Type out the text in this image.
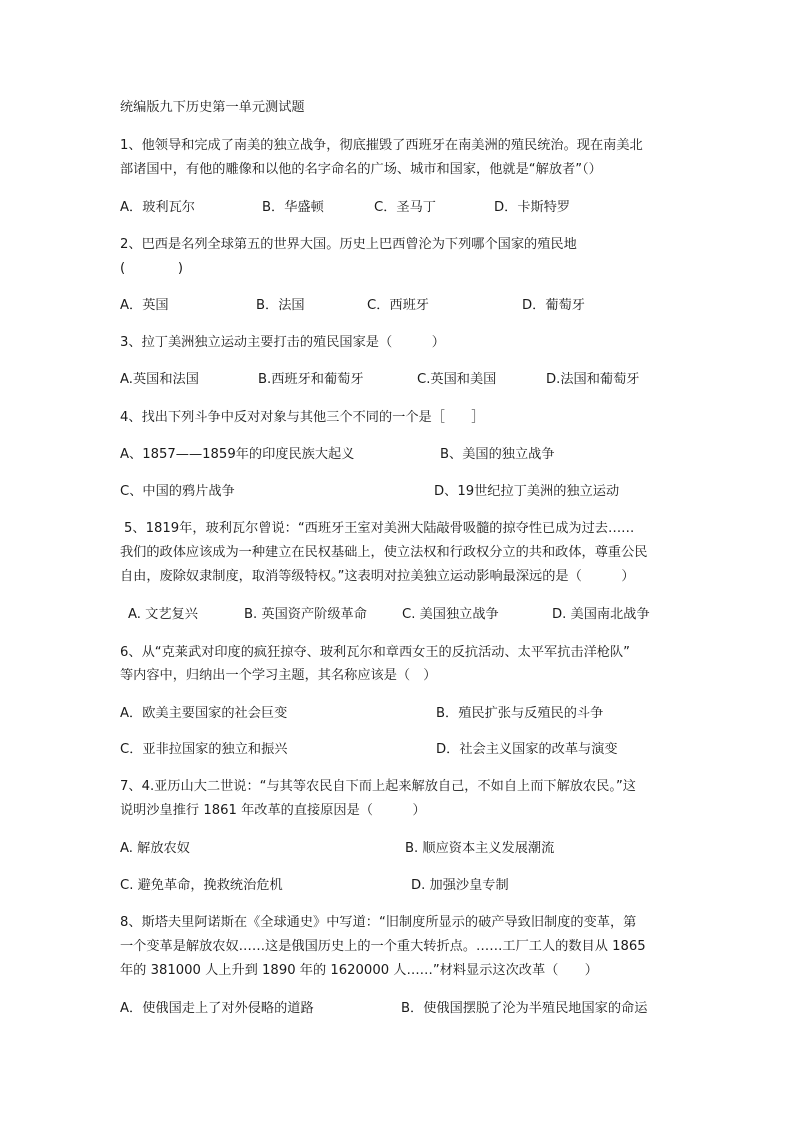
统编版九下历史第一单元测试题
1、他领导和完成了南美的独立战争，彻底摧毁了西班牙在南美洲的殖民统治。现在南美北
部诸国中，有他的雕像和以他的名字命名的广场、城市和国家，他就是“解放者”（）
A．玻利瓦尔	B．华盛顿	C．圣马丁	D．卡斯特罗
2、巴西是名列全球第五的世界大国。历史上巴西曾沦为下列哪个国家的殖民地
(　　　　)
A．英国	B．法国	C．西班牙	D．葡萄牙
3、拉丁美洲独立运动主要打击的殖民国家是（　　　）
A.英国和法国	B.西班牙和葡萄牙	C.英国和美国	D.法国和葡萄牙
4、找出下列斗争中反对对象与其他三个不同的一个是［　　］
A、1857——1859年的印度民族大起义	B、美国的独立战争
C、中国的鸦片战争	D、19世纪拉丁美洲的独立运动
5、1819年，玻利瓦尔曾说：“西班牙王室对美洲大陆敲骨吸髓的掠夺性已成为过去……
我们的政体应该成为一种建立在民权基础上，使立法权和行政权分立的共和政体，尊重公民
自由，废除奴隶制度，取消等级特权。”这表明对拉美独立运动影响最深远的是（　　　）
A. 文艺复兴	B. 英国资产阶级革命	C. 美国独立战争	D. 美国南北战争
6、从“克莱武对印度的疯狂掠夺、玻利瓦尔和章西女王的反抗活动、太平军抗击洋枪队”
等内容中，归纳出一个学习主题，其名称应该是（　）
A．欧美主要国家的社会巨变	B．殖民扩张与反殖民的斗争
C．亚非拉国家的独立和振兴	D．社会主义国家的改革与演变
7、4.亚历山大二世说：“与其等农民自下而上起来解放自己，不如自上而下解放农民。”这
说明沙皇推行 1861 年改革的直接原因是（　　　）
A. 解放农奴	B. 顺应资本主义发展潮流
C. 避免革命，挽救统治危机	D. 加强沙皇专制
8、斯塔夫里阿诺斯在《全球通史》中写道：“旧制度所显示的破产导致旧制度的变革，第
一个变革是解放农奴……这是俄国历史上的一个重大转折点。……工厂工人的数目从 1865
年的 381000 人上升到 1890 年的 1620000 人……”材料显示这次改革（　　）
A．使俄国走上了对外侵略的道路	B．使俄国摆脱了沦为半殖民地国家的命运
